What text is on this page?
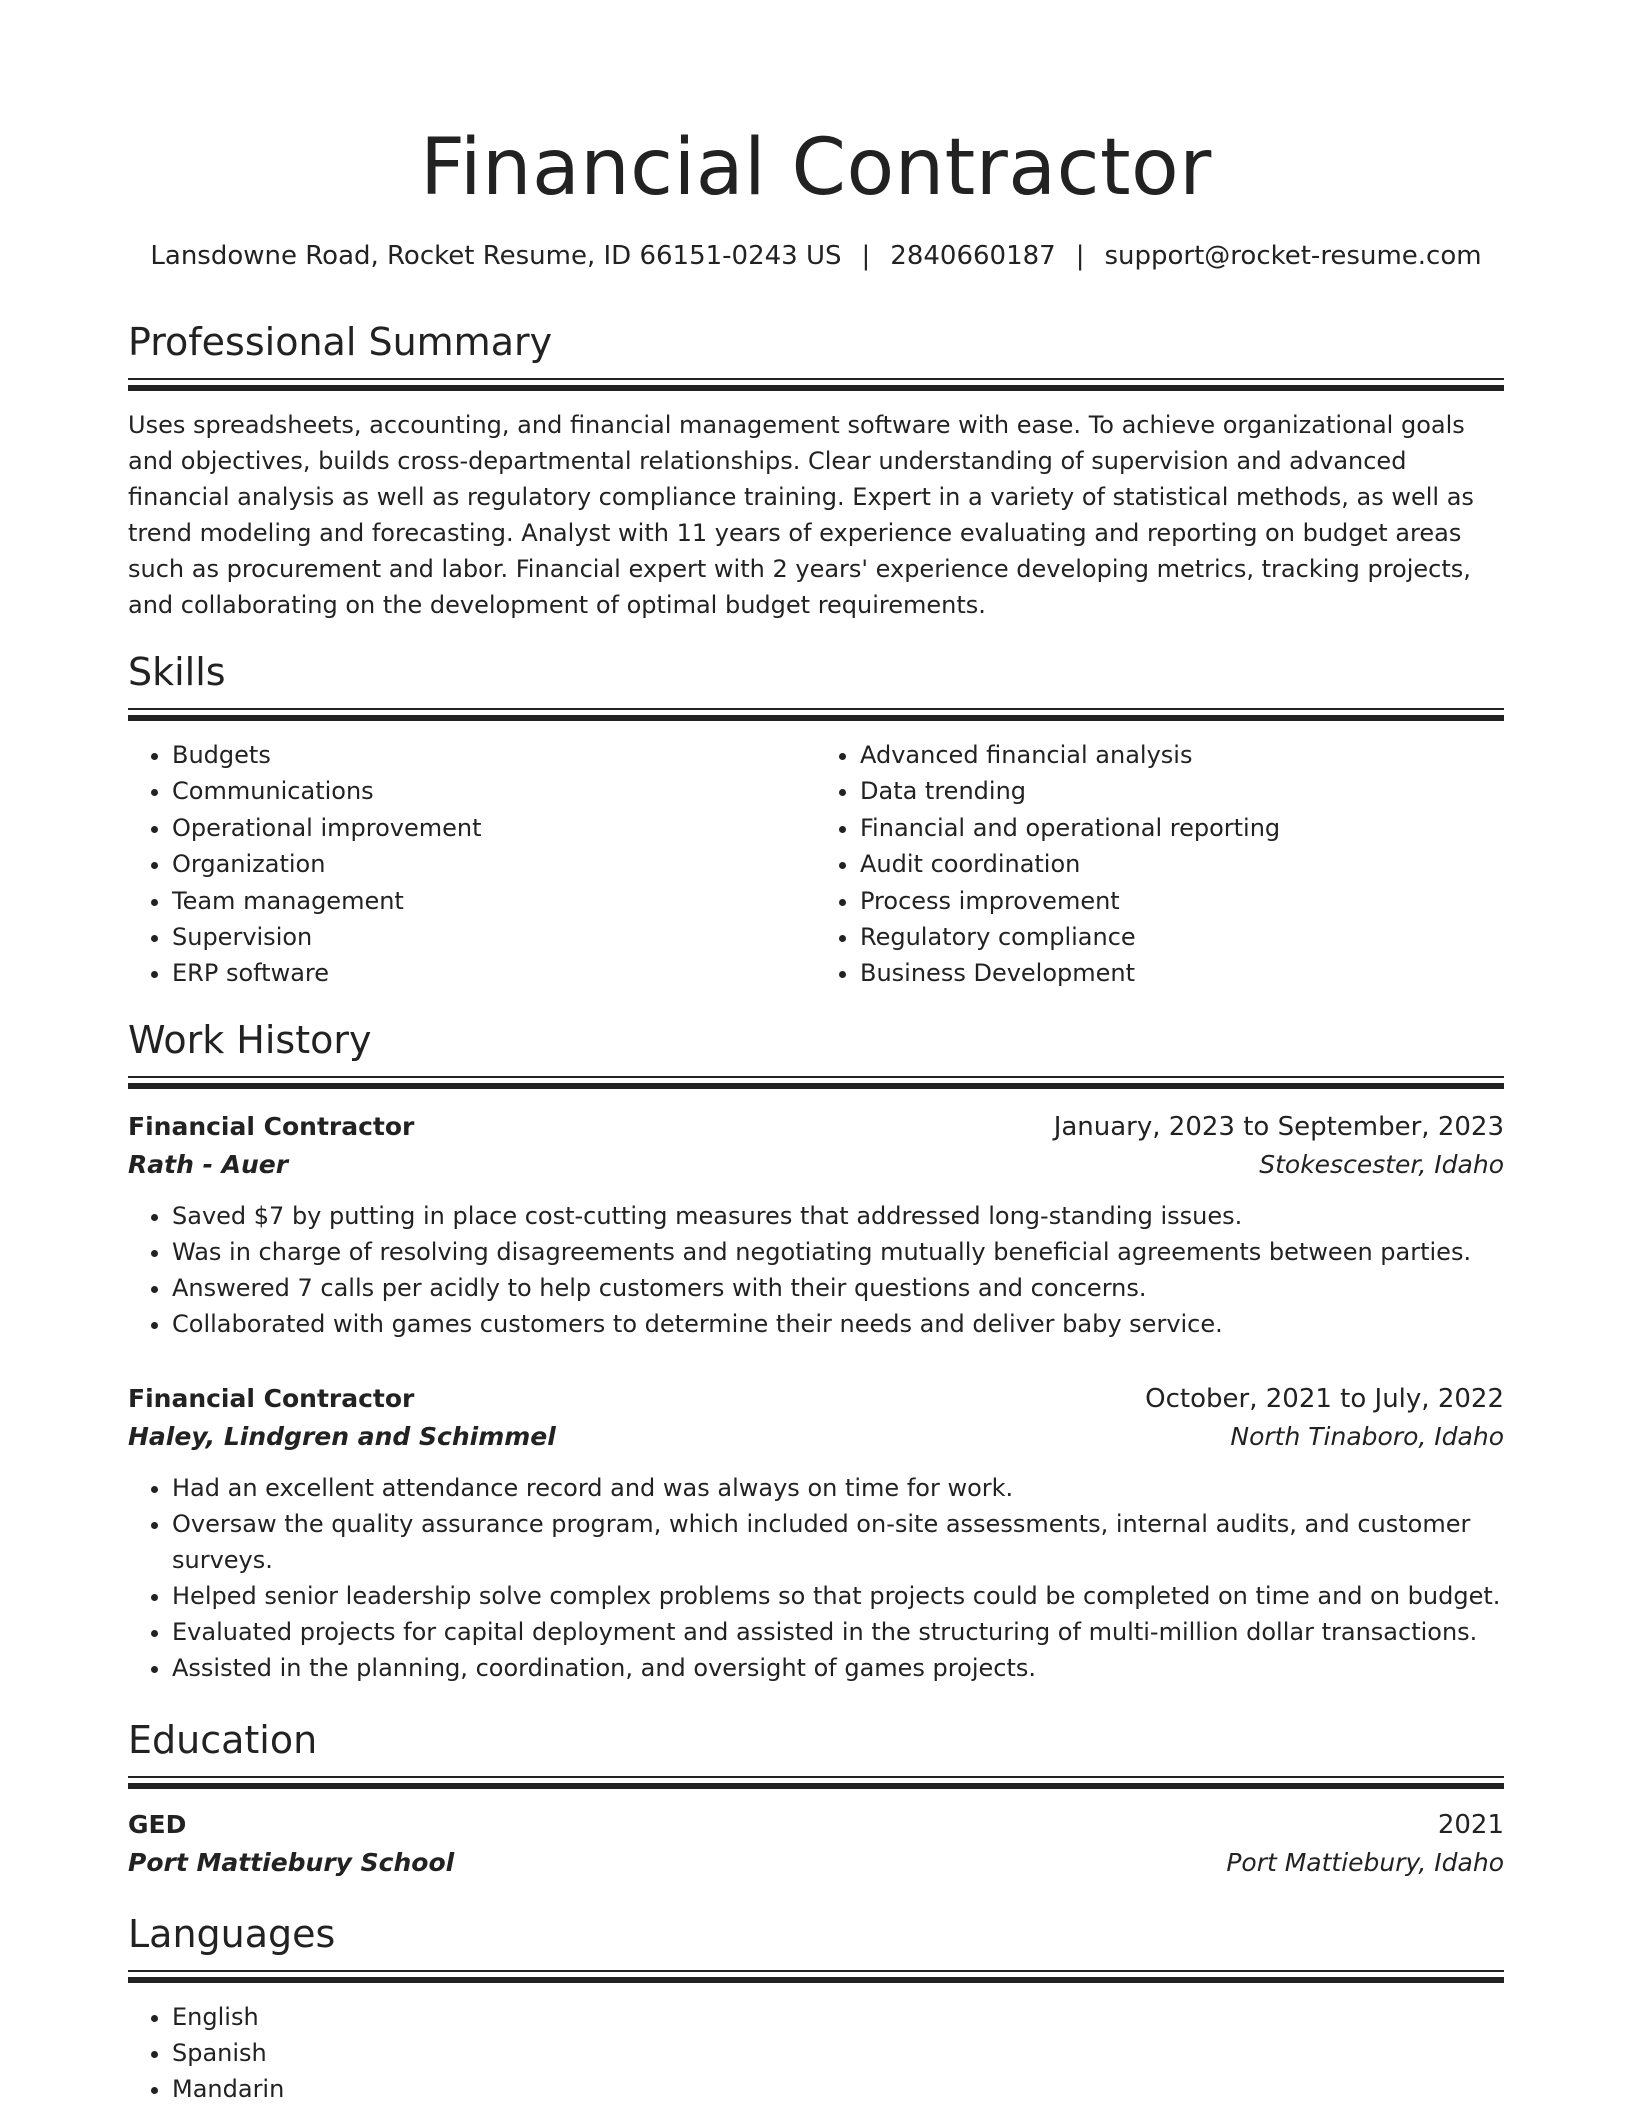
Financial Contractor
Lansdowne Road, Rocket Resume, ID 66151-0243 US | 2840660187 | support@rocket-resume.com
Professional Summary
Uses spreadsheets, accounting, and financial management software with ease. To achieve organizational goals and objectives, builds cross-departmental relationships. Clear understanding of supervision and advanced financial analysis as well as regulatory compliance training. Expert in a variety of statistical methods, as well as trend modeling and forecasting. Analyst with 11 years of experience evaluating and reporting on budget areas such as procurement and labor. Financial expert with 2 years' experience developing metrics, tracking projects, and collaborating on the development of optimal budget requirements.
Skills
• Budgets
• Communications
• Operational improvement
• Organization
• Team management
• Supervision
• ERP software
• Advanced financial analysis
• Data trending
• Financial and operational reporting
• Audit coordination
• Process improvement
• Regulatory compliance
• Business Development
Work History
Financial Contractor	January, 2023 to September, 2023
Rath - Auer	Stokescester, Idaho
• Saved $7 by putting in place cost-cutting measures that addressed long-standing issues.
• Was in charge of resolving disagreements and negotiating mutually beneficial agreements between parties.
• Answered 7 calls per acidly to help customers with their questions and concerns.
• Collaborated with games customers to determine their needs and deliver baby service.
Financial Contractor	October, 2021 to July, 2022
Haley, Lindgren and Schimmel	North Tinaboro, Idaho
• Had an excellent attendance record and was always on time for work.
• Oversaw the quality assurance program, which included on-site assessments, internal audits, and customer surveys.
• Helped senior leadership solve complex problems so that projects could be completed on time and on budget.
• Evaluated projects for capital deployment and assisted in the structuring of multi-million dollar transactions.
• Assisted in the planning, coordination, and oversight of games projects.
Education
GED	2021
Port Mattiebury School	Port Mattiebury, Idaho
Languages
• English
• Spanish
• Mandarin
